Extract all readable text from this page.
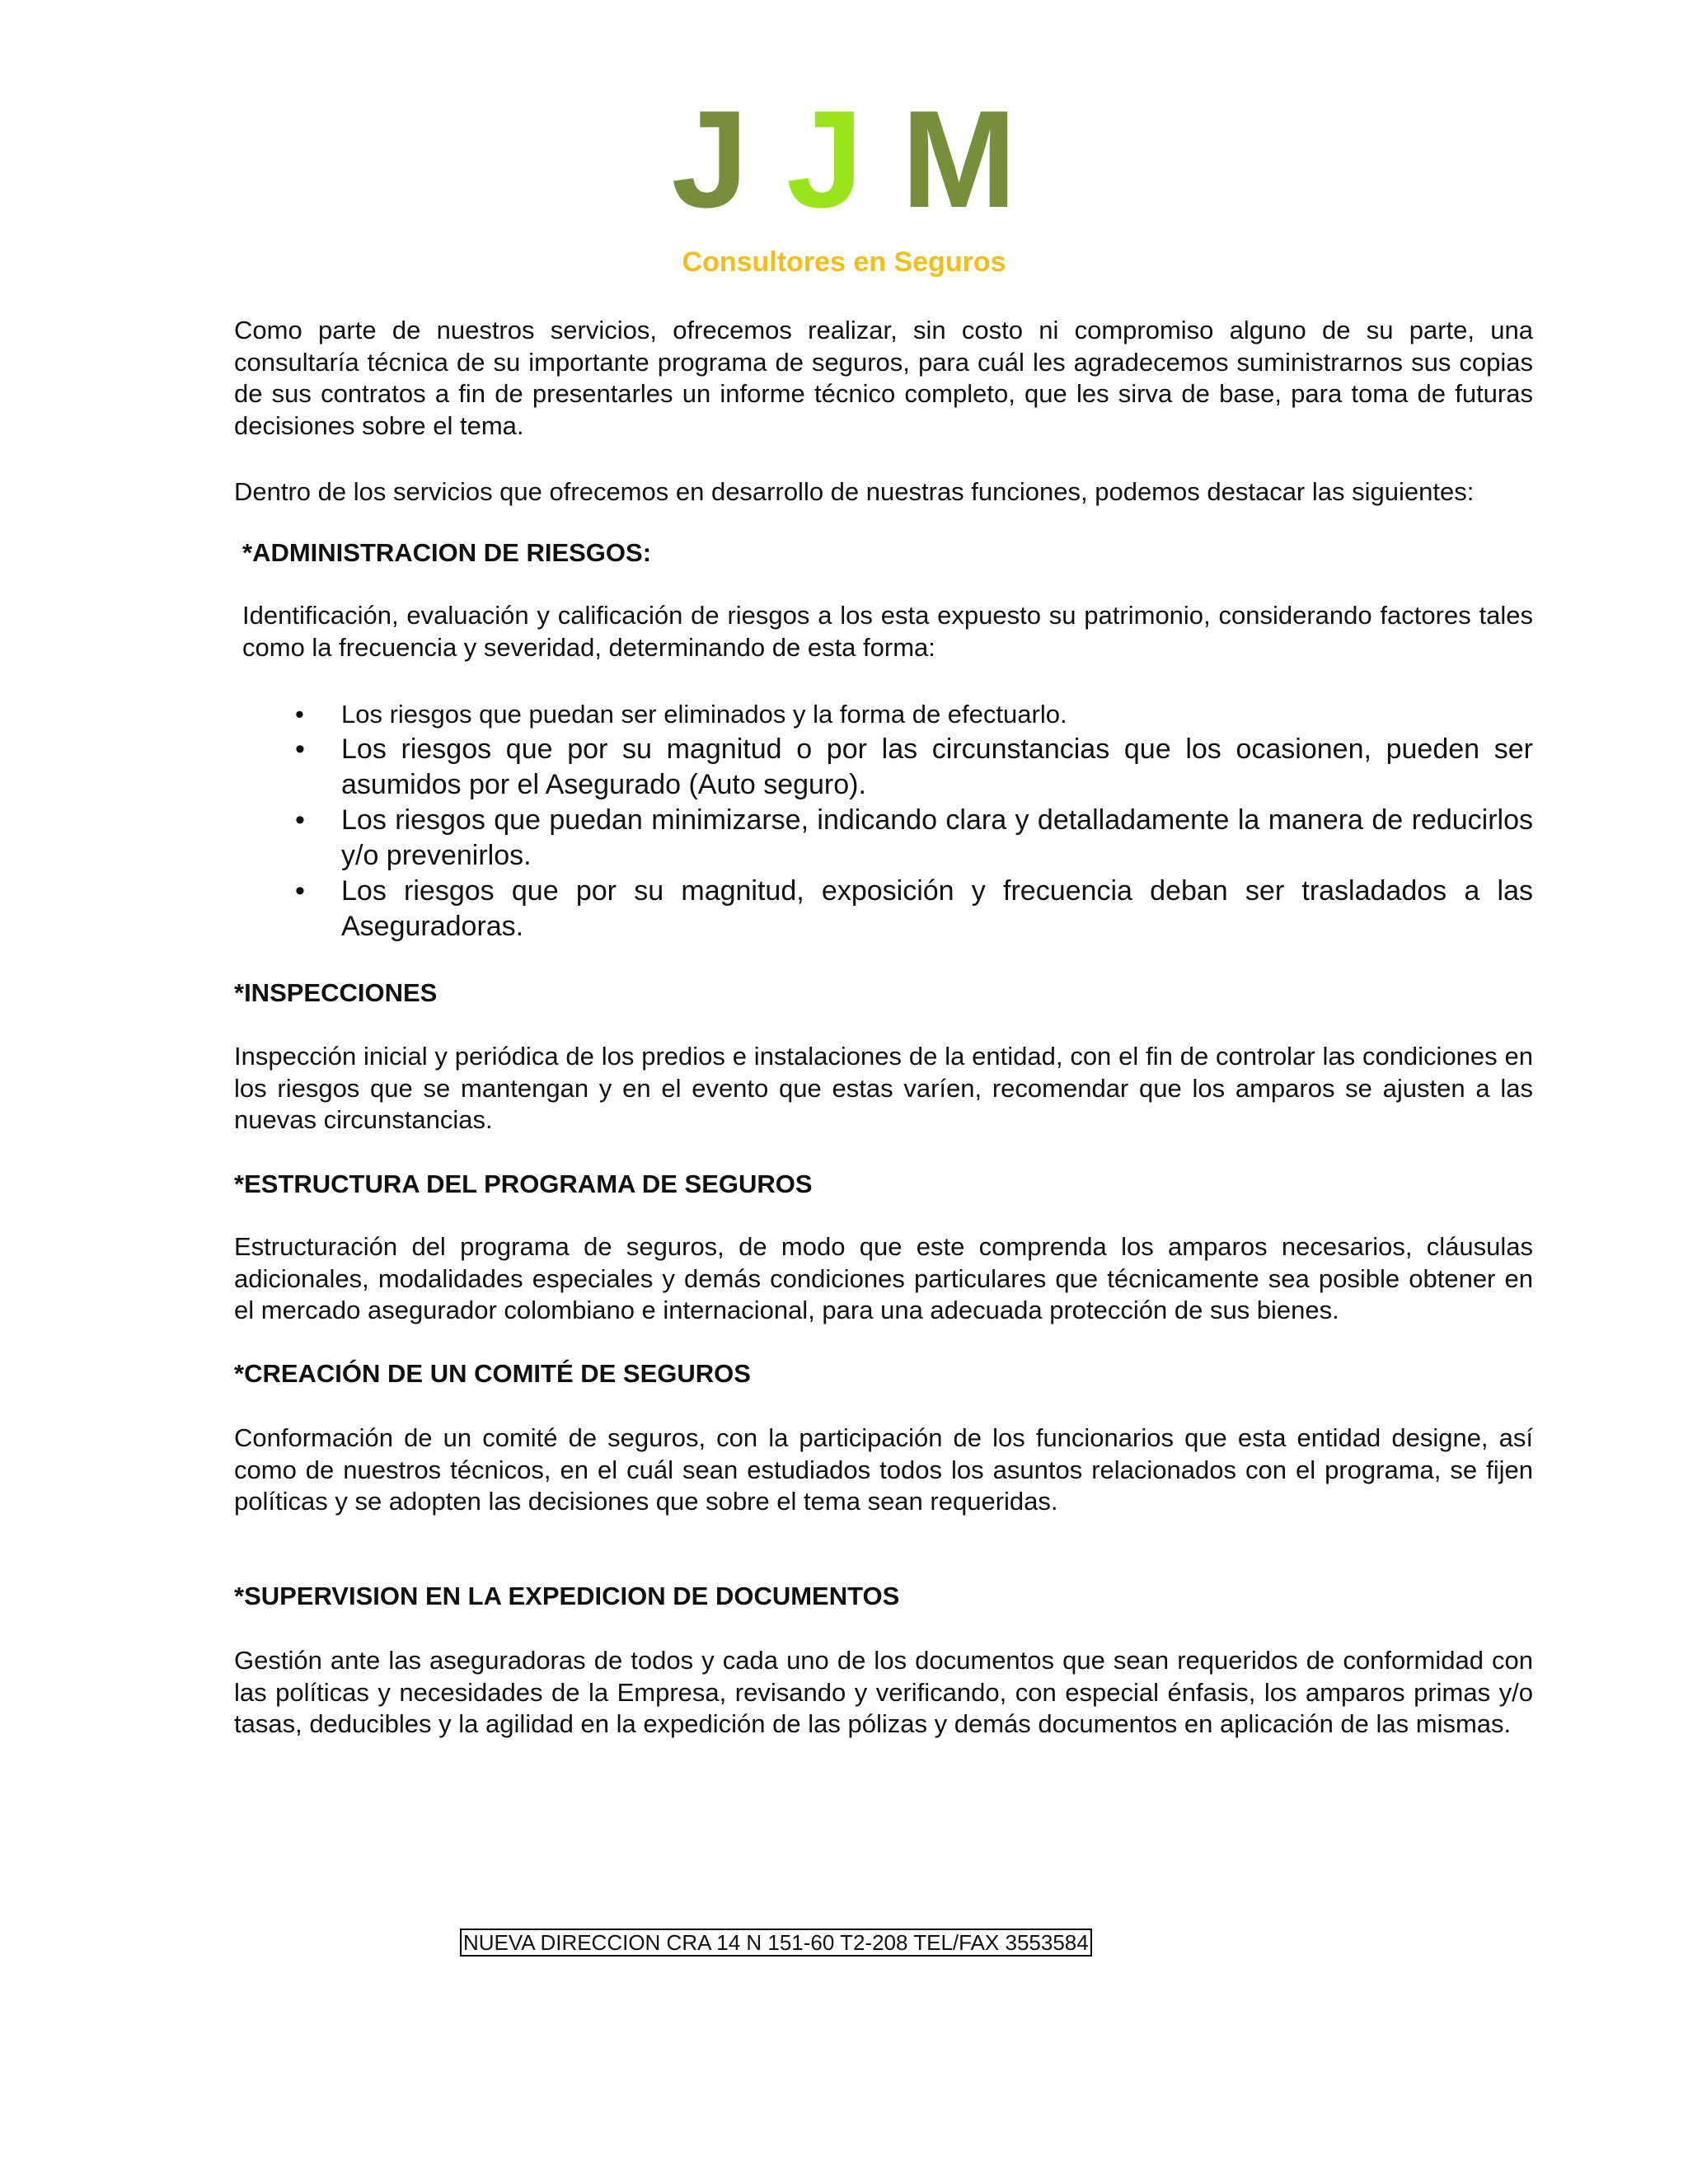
J J M
Consultores en Seguros

Como parte de nuestros servicios, ofrecemos realizar, sin costo ni compromiso alguno de su parte, una consultaría técnica de su importante programa de seguros, para cuál les agradecemos suministrarnos sus copias de sus contratos a fin de presentarles un informe técnico completo, que les sirva de base, para toma de futuras decisiones sobre el tema.

Dentro de los servicios que ofrecemos en desarrollo de nuestras funciones, podemos destacar las siguientes:

*ADMINISTRACION DE RIESGOS:

Identificación, evaluación y calificación de riesgos a los esta expuesto su patrimonio, considerando factores tales como la frecuencia y severidad, determinando de esta forma:

• Los riesgos que puedan ser eliminados y la forma de efectuarlo.
• Los riesgos que por su magnitud o por las circunstancias que los ocasionen, pueden ser asumidos por el Asegurado (Auto seguro).
• Los riesgos que puedan minimizarse, indicando clara y detalladamente la manera de reducirlos y/o prevenirlos.
• Los riesgos que por su magnitud, exposición y frecuencia deban ser trasladados a las Aseguradoras.
*INSPECCIONES

Inspección inicial y periódica de los predios e instalaciones de la entidad, con el fin de controlar las condiciones en los riesgos que se mantengan y en el evento que estas varíen, recomendar que los amparos se ajusten a las nuevas circunstancias.

*ESTRUCTURA DEL PROGRAMA DE SEGUROS

Estructuración del programa de seguros, de modo que este comprenda los amparos necesarios, cláusulas adicionales, modalidades especiales y demás condiciones particulares que técnicamente sea posible obtener en el mercado asegurador colombiano e internacional, para una adecuada protección de sus bienes.

*CREACIÓN DE UN COMITÉ DE SEGUROS

Conformación de un comité de seguros, con la participación de los funcionarios que esta entidad designe, así como de nuestros técnicos, en el cuál sean estudiados todos los asuntos relacionados con el programa, se fijen políticas y se adopten las decisiones que sobre el tema sean requeridas.

*SUPERVISION EN LA EXPEDICION DE DOCUMENTOS

Gestión ante las aseguradoras de todos y cada uno de los documentos que sean requeridos de conformidad con las políticas y necesidades de la Empresa, revisando y verificando, con especial énfasis, los amparos primas y/o tasas, deducibles y la agilidad en la expedición de las pólizas y demás documentos en aplicación de las mismas.

NUEVA DIRECCION CRA 14 N 151-60 T2-208 TEL/FAX 3553584
